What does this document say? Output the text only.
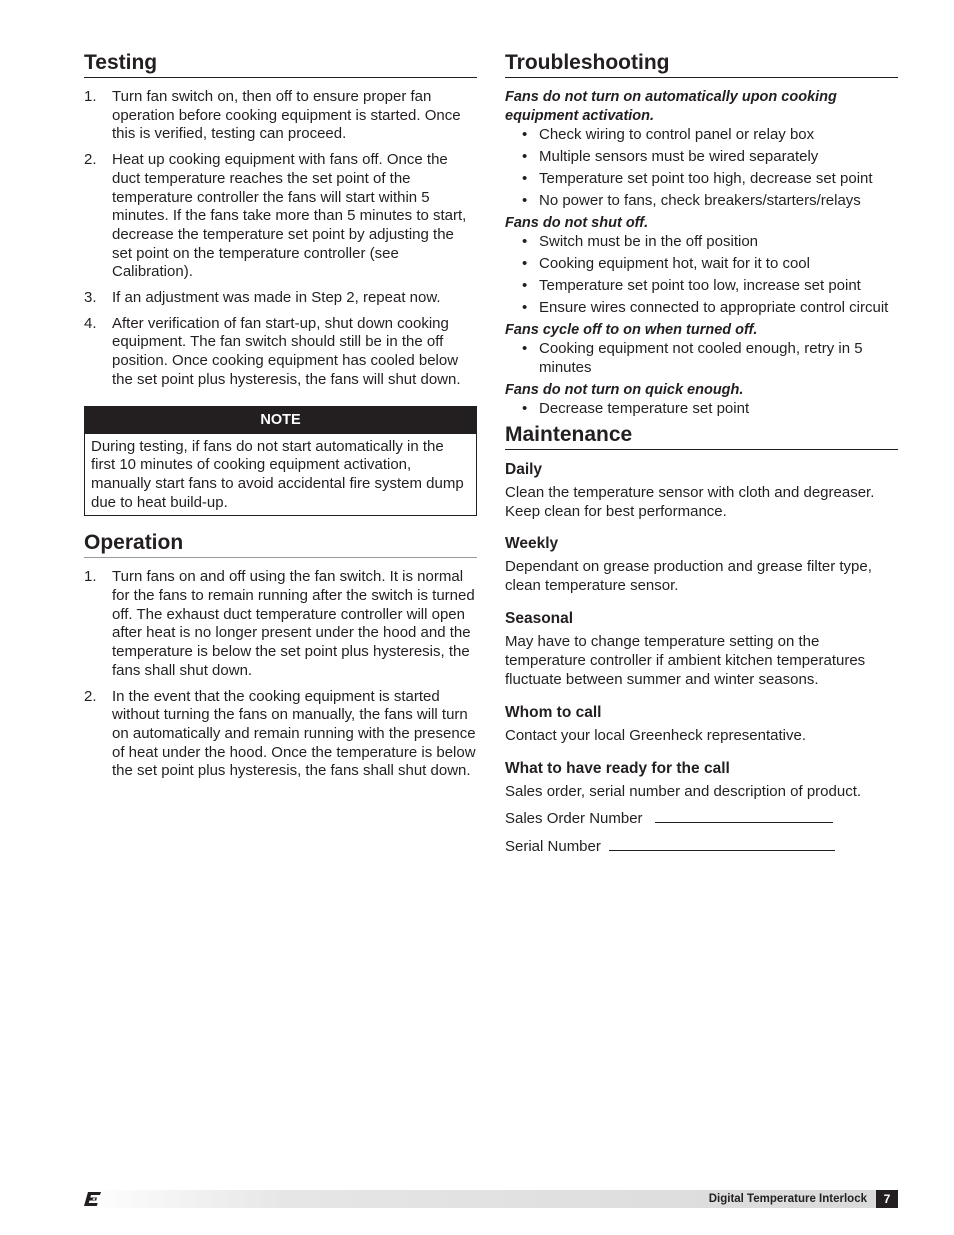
Testing
1. Turn fan switch on, then off to ensure proper fan operation before cooking equipment is started. Once this is verified, testing can proceed.
2. Heat up cooking equipment with fans off. Once the duct temperature reaches the set point of the temperature controller the fans will start within 5 minutes. If the fans take more than 5 minutes to start, decrease the temperature set point by adjusting the set point on the temperature controller (see Calibration).
3. If an adjustment was made in Step 2, repeat now.
4. After verification of fan start-up, shut down cooking equipment. The fan switch should still be in the off position. Once cooking equipment has cooled below the set point plus hysteresis, the fans will shut down.
NOTE
During testing, if fans do not start automatically in the first 10 minutes of cooking equipment activation, manually start fans to avoid accidental fire system dump due to heat build-up.
Operation
1. Turn fans on and off using the fan switch. It is normal for the fans to remain running after the switch is turned off. The exhaust duct temperature controller will open after heat is no longer present under the hood and the temperature is below the set point plus hysteresis, the fans shall shut down.
2. In the event that the cooking equipment is started without turning the fans on manually, the fans will turn on automatically and remain running with the presence of heat under the hood. Once the temperature is below the set point plus hysteresis, the fans shall shut down.
Troubleshooting

Fans do not turn on automatically upon cooking equipment activation.

• Check wiring to control panel or relay box
• Multiple sensors must be wired separately
• Temperature set point too high, decrease set point
• No power to fans, check breakers/starters/relays

Fans do not shut off.

• Switch must be in the off position
• Cooking equipment hot, wait for it to cool
• Temperature set point too low, increase set point
• Ensure wires connected to appropriate control circuit

Fans cycle off to on when turned off.

• Cooking equipment not cooled enough, retry in 5 minutes

Fans do not turn on quick enough.

• Decrease temperature set point
Maintenance
Daily

Clean the temperature sensor with cloth and degreaser. Keep clean for best performance.

Weekly

Dependant on grease production and grease filter type, clean temperature sensor.

Seasonal

May have to change temperature setting on the temperature controller if ambient kitchen temperatures fluctuate between summer and winter seasons.

Whom to call

Contact your local Greenheck representative.

What to have ready for the call

Sales order, serial number and description of product.

Sales Order Number

Serial Number

Digital Temperature Interlock	7
